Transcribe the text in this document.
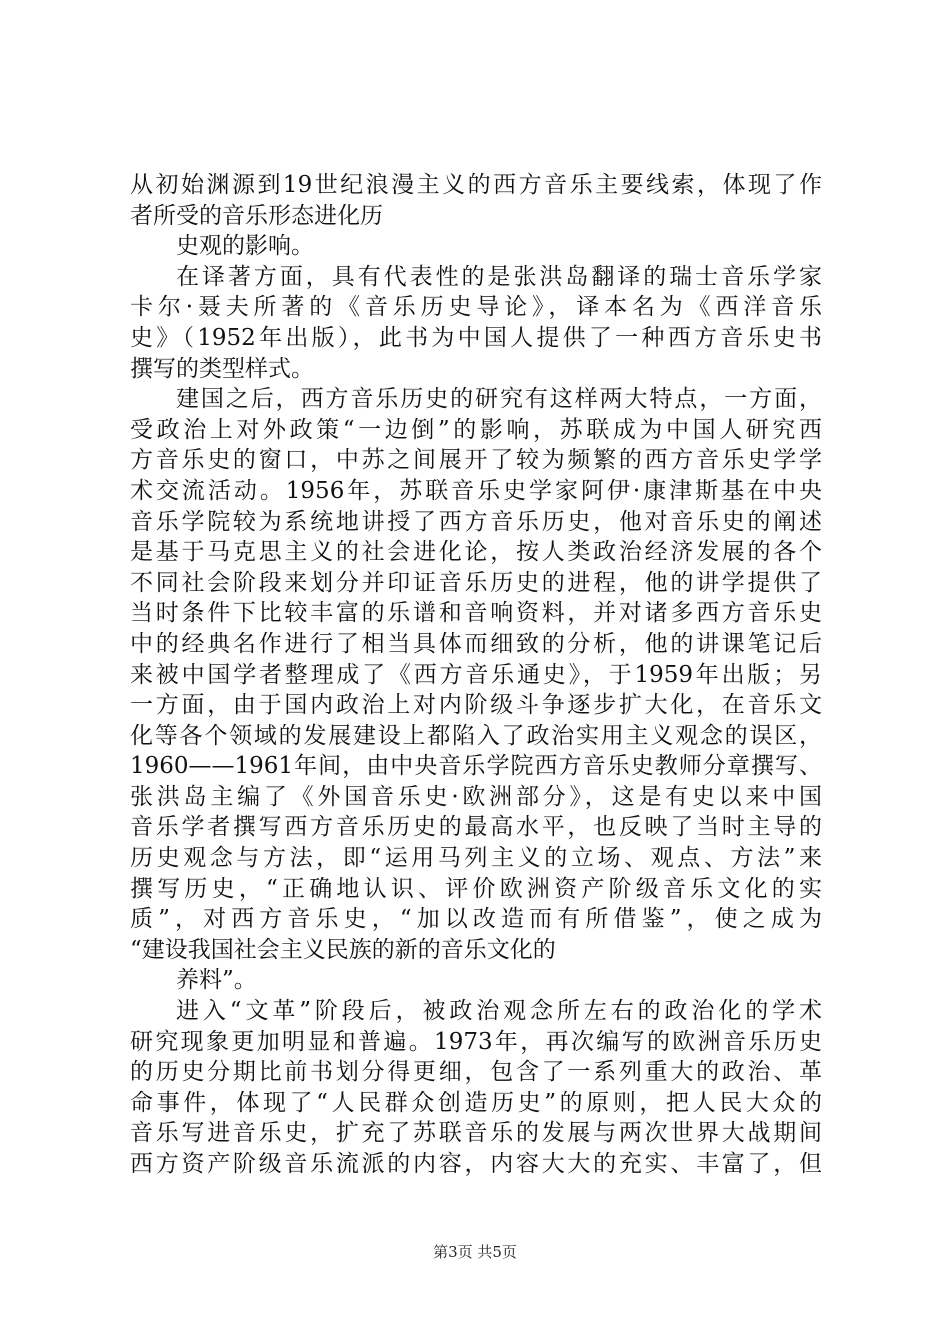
从初始渊源到19世纪浪漫主义的西方音乐主要线索，体现了作
者所受的音乐形态进化历
史观的影响。
在译著方面，具有代表性的是张洪岛翻译的瑞士音乐学家
卡尔·聂夫所著的《音乐历史导论》，译本名为《西洋音乐
史》（1952年出版），此书为中国人提供了一种西方音乐史书
撰写的类型样式。
建国之后，西方音乐历史的研究有这样两大特点，一方面，
受政治上对外政策“一边倒”的影响，苏联成为中国人研究西
方音乐史的窗口，中苏之间展开了较为频繁的西方音乐史学学
术交流活动。1956年，苏联音乐史学家阿伊·康津斯基在中央
音乐学院较为系统地讲授了西方音乐历史，他对音乐史的阐述
是基于马克思主义的社会进化论，按人类政治经济发展的各个
不同社会阶段来划分并印证音乐历史的进程，他的讲学提供了
当时条件下比较丰富的乐谱和音响资料，并对诸多西方音乐史
中的经典名作进行了相当具体而细致的分析，他的讲课笔记后
来被中国学者整理成了《西方音乐通史》，于1959年出版；另
一方面，由于国内政治上对内阶级斗争逐步扩大化，在音乐文
化等各个领域的发展建设上都陷入了政治实用主义观念的误区，
1960——1961年间，由中央音乐学院西方音乐史教师分章撰写、
张洪岛主编了《外国音乐史·欧洲部分》，这是有史以来中国
音乐学者撰写西方音乐历史的最高水平，也反映了当时主导的
历史观念与方法，即“运用马列主义的立场、观点、方法”来
撰写历史，“正确地认识、评价欧洲资产阶级音乐文化的实
质”，对西方音乐史，“加以改造而有所借鉴”，使之成为
“建设我国社会主义民族的新的音乐文化的
养料”。
进入“文革”阶段后，被政治观念所左右的政治化的学术
研究现象更加明显和普遍。1973年，再次编写的欧洲音乐历史
的历史分期比前书划分得更细，包含了一系列重大的政治、革
命事件，体现了“人民群众创造历史”的原则，把人民大众的
音乐写进音乐史，扩充了苏联音乐的发展与两次世界大战期间
西方资产阶级音乐流派的内容，内容大大的充实、丰富了，但
第3页 共5页
